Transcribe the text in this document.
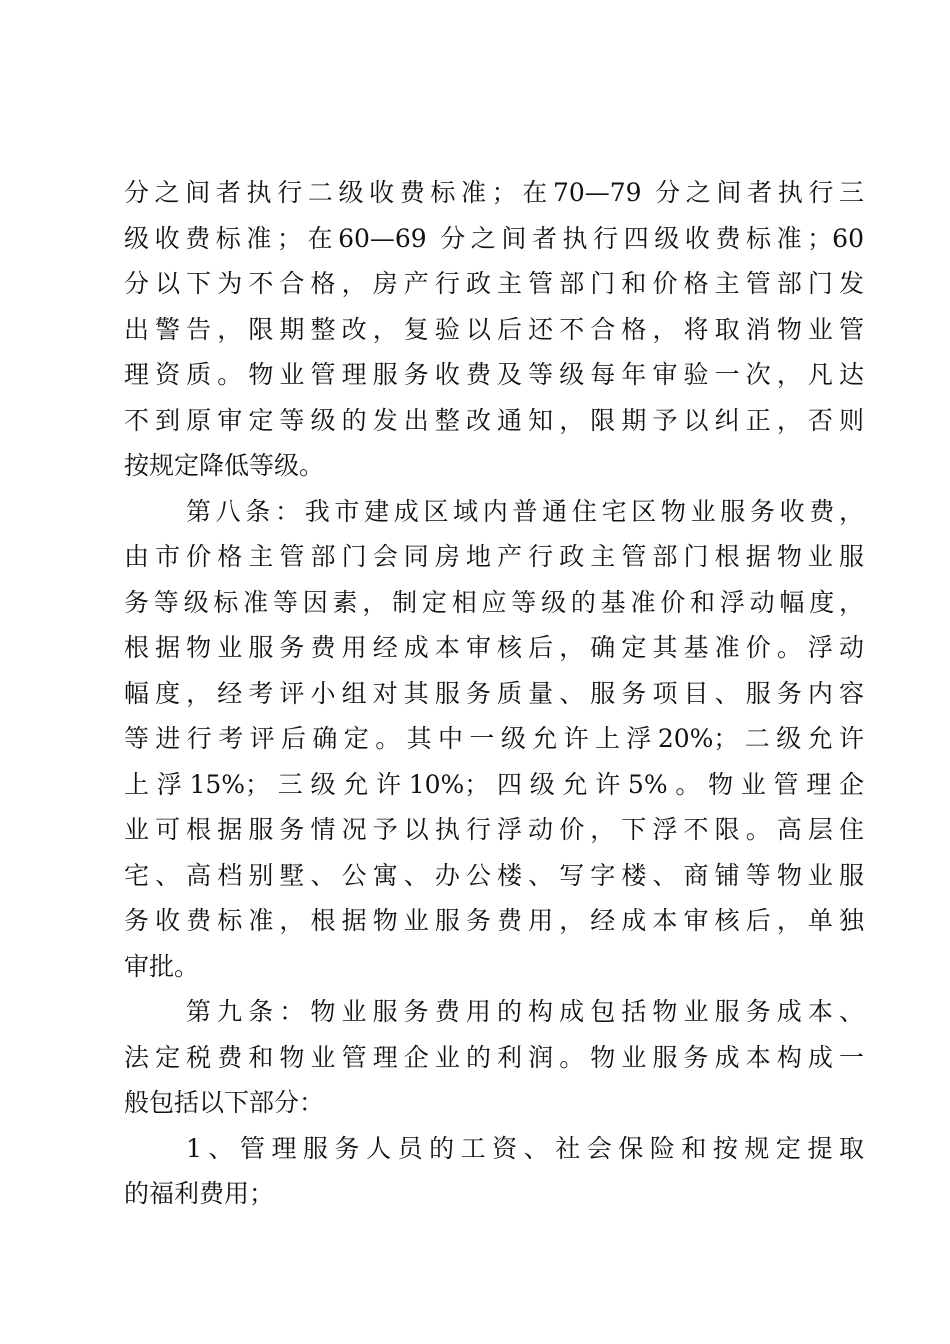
分之间者执行二级收费标准；在70—79 分之间者执行三
级收费标准；在60—69 分之间者执行四级收费标准；60
分以下为不合格，房产行政主管部门和价格主管部门发
出警告，限期整改，复验以后还不合格，将取消物业管
理资质。物业管理服务收费及等级每年审验一次，凡达
不到原审定等级的发出整改通知，限期予以纠正，否则
按规定降低等级。
第八条：我市建成区域内普通住宅区物业服务收费，
由市价格主管部门会同房地产行政主管部门根据物业服
务等级标准等因素，制定相应等级的基准价和浮动幅度，
根据物业服务费用经成本审核后，确定其基准价。浮动
幅度，经考评小组对其服务质量、服务项目、服务内容
等进行考评后确定。其中一级允许上浮20%；二级允许
上浮15%；三级允许10%；四级允许5%。物业管理企
业可根据服务情况予以执行浮动价，下浮不限。高层住
宅、高档别墅、公寓、办公楼、写字楼、商铺等物业服
务收费标准，根据物业服务费用，经成本审核后，单独
审批。
第九条：物业服务费用的构成包括物业服务成本、
法定税费和物业管理企业的利润。物业服务成本构成一
般包括以下部分：
1、管理服务人员的工资、社会保险和按规定提取
的福利费用；
